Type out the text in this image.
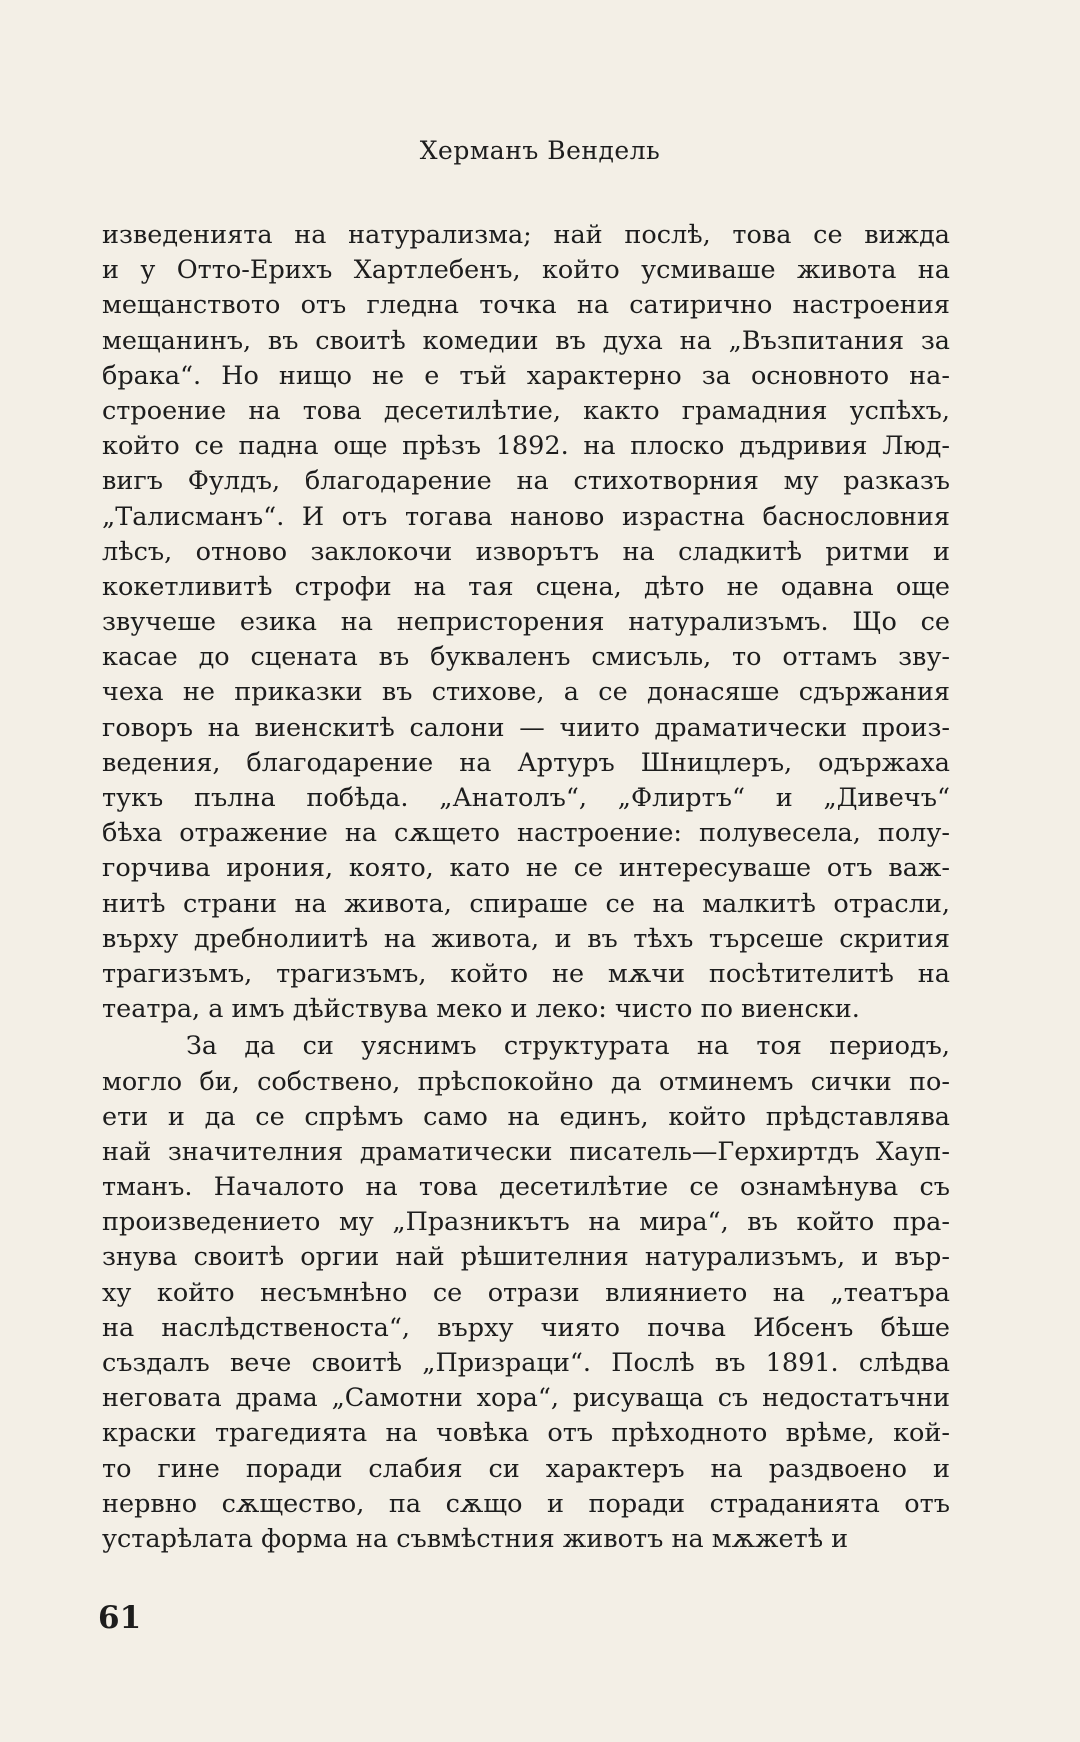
Херманъ Вендель
изведенията на натурализма; най послѣ, това се вижда
и у Отто-Ерихъ Хартлебенъ, който усмиваше живота на
мещанството отъ гледна точка на сатирично настроения
мещанинъ, въ своитѣ комедии въ духа на „Възпитания за
брака“. Но нищо не е тъй характерно за основното на-
строение на това десетилѣтие, както грамадния успѣхъ,
който се падна още прѣзъ 1892. на плоско дъдривия Люд-
вигъ Фулдъ, благодарение на стихотворния му разказъ
„Талисманъ“. И отъ тогава наново израстна баснословния
лѣсъ, отново заклокочи изворътъ на сладкитѣ ритми и
кокетливитѣ строфи на тая сцена, дѣто не одавна още
звучеше езика на непристорения натурализъмъ. Що се
касае до сцената въ букваленъ смисъль, то оттамъ зву-
чеха не приказки въ стихове, а се донасяше сдържания
говоръ на виенскитѣ салони — чиито драматически произ-
ведения, благодарение на Артуръ Шницлеръ, одържаха
тукъ пълна побѣда. „Анатолъ“, „Флиртъ“ и „Дивечъ“
бѣха отражение на сѫщето настроение: полувесела, полу-
горчива ирония, която, като не се интересуваше отъ важ-
нитѣ страни на живота, спираше се на малкитѣ отрасли,
върху дребнолиитѣ на живота, и въ тѣхъ търсеше скрития
трагизъмъ, трагизъмъ, който не мѫчи посѣтителитѣ на
театра, а имъ дѣйствува меко и леко: чисто по виенски.
За да си уяснимъ структурата на тоя периодъ,
могло би, собствено, прѣспокойно да отминемъ сички по-
ети и да се спрѣмъ само на единъ, който прѣдставлява
най значителния драматически писатель—Герхиртдъ Хауп-
тманъ. Началото на това десетилѣтие се ознамѣнува съ
произведението му „Празникътъ на мира“, въ който пра-
знува своитѣ оргии най рѣшителния натурализъмъ, и вър-
ху който несъмнѣно се отрази влиянието на „театъра
на наслѣдственостa“, върху чиято почва Ибсенъ бѣше
създалъ вече своитѣ „Призраци“. Послѣ въ 1891. слѣдва
неговата драма „Самотни хора“, рисуваща съ недостатъчни
краски трагедията на човѣка отъ прѣходното врѣме, кой-
то гине поради слабия си характеръ на раздвоено и
нервно сѫщество, па сѫщо и поради страданията отъ
устарѣлата форма на съвмѣстния животъ на мѫжетѣ и
61
